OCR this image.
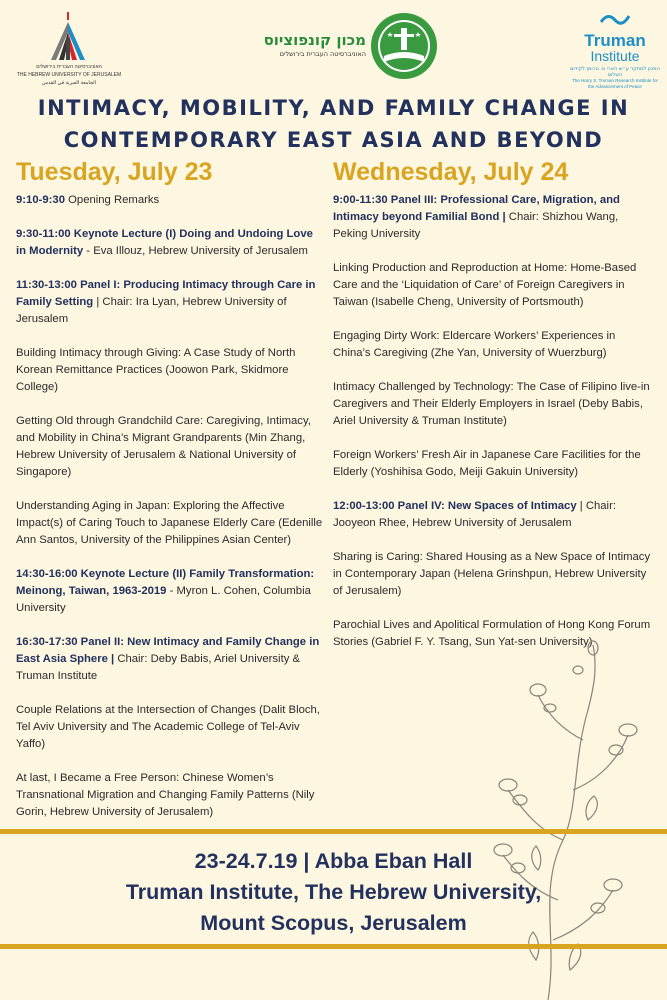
האוניברסיטה העברית בירושלים
THE HEBREW UNIVERSITY OF JERUSALEM
الجامعة العبرية في القدس
מכון קונפוציוס
האוניברסיטה העברית בירושלים
Truman
Institute
המכון למחקר ע״ש הארי ס. טרומן לקידום השלום
The Harry S. Truman Research Institute for the Advancement of Peace
INTIMACY, MOBILITY, AND FAMILY CHANGE IN
CONTEMPORARY EAST ASIA AND BEYOND
Tuesday, July 23	Wednesday, July 24

9:10-9:30 Opening Remarks

9:30-11:00 Keynote Lecture (I) Doing and Undoing Love in Modernity - Eva Illouz, Hebrew University of Jerusalem

11:30-13:00 Panel I: Producing Intimacy through Care in Family Setting | Chair: Ira Lyan, Hebrew University of Jerusalem

Building Intimacy through Giving: A Case Study of North Korean Remittance Practices (Joowon Park, Skidmore College)

Getting Old through Grandchild Care: Caregiving, Intimacy, and Mobility in China’s Migrant Grandparents (Min Zhang, Hebrew University of Jerusalem & National University of Singapore)

Understanding Aging in Japan: Exploring the Affective Impact(s) of Caring Touch to Japanese Elderly Care (Edenille Ann Santos, University of the Philippines Asian Center)

14:30-16:00 Keynote Lecture (II) Family Transformation: Meinong, Taiwan, 1963-2019 - Myron L. Cohen, Columbia University

16:30-17:30 Panel II: New Intimacy and Family Change in East Asia Sphere | Chair: Deby Babis, Ariel University & Truman Institute

Couple Relations at the Intersection of Changes (Dalit Bloch, Tel Aviv University and The Academic College of Tel-Aviv Yaffo)

At last, I Became a Free Person: Chinese Women’s Transnational Migration and Changing Family Patterns (Nily Gorin, Hebrew University of Jerusalem)

9:00-11:30 Panel III: Professional Care, Migration, and Intimacy beyond Familial Bond | Chair: Shizhou Wang, Peking University

Linking Production and Reproduction at Home: Home-Based Care and the ‘Liquidation of Care’ of Foreign Caregivers in Taiwan (Isabelle Cheng, University of Portsmouth)

Engaging Dirty Work: Eldercare Workers’ Experiences in China’s Caregiving (Zhe Yan, University of Wuerzburg)

Intimacy Challenged by Technology: The Case of Filipino live-in Caregivers and Their Elderly Employers in Israel (Deby Babis, Ariel University & Truman Institute)

Foreign Workers’ Fresh Air in Japanese Care Facilities for the Elderly (Yoshihisa Godo, Meiji Gakuin University)

12:00-13:00 Panel IV: New Spaces of Intimacy | Chair: Jooyeon Rhee, Hebrew University of Jerusalem

Sharing is Caring: Shared Housing as a New Space of Intimacy in Contemporary Japan (Helena Grinshpun, Hebrew University of Jerusalem)

Parochial Lives and Apolitical Formulation of Hong Kong Forum Stories (Gabriel F. Y. Tsang, Sun Yat-sen University)

23-24.7.19 | Abba Eban Hall
Truman Institute, The Hebrew University,
Mount Scopus, Jerusalem
